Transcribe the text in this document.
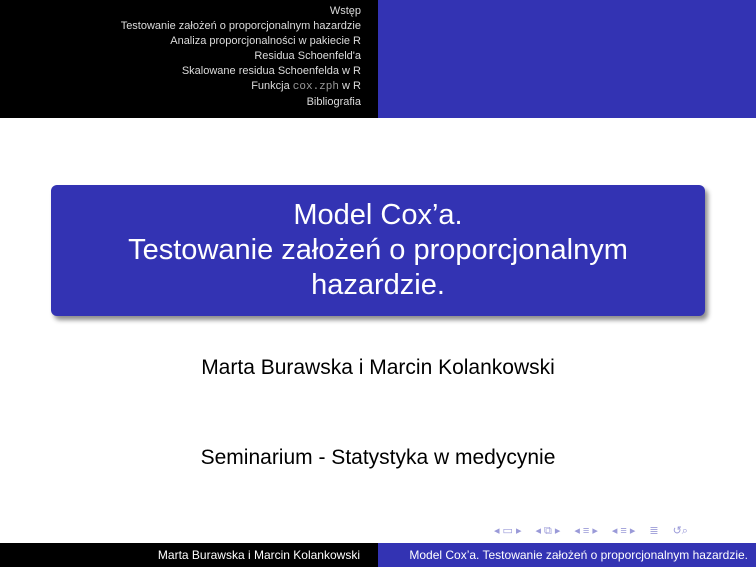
Wstęp
Testowanie założeń o proporcjonalnym hazardzie
Analiza proporcjonalności w pakiecie R
Residua Schoenfeld'a
Skalowane residua Schoenfelda w R
Funkcja cox.zph w R
Bibliografia
Model Cox’a.
Testowanie założeń o proporcjonalnym
hazardzie.
Marta Burawska i Marcin Kolankowski
Seminarium - Statystyka w medycynie
◂ ▭ ▸ ◂ ⧉ ▸ ◂ ≡ ▸ ◂ ≡ ▸ ≣ ↺⌕
Marta Burawska i Marcin Kolankowski	Model Cox’a. Testowanie założeń o proporcjonalnym hazardzie.
